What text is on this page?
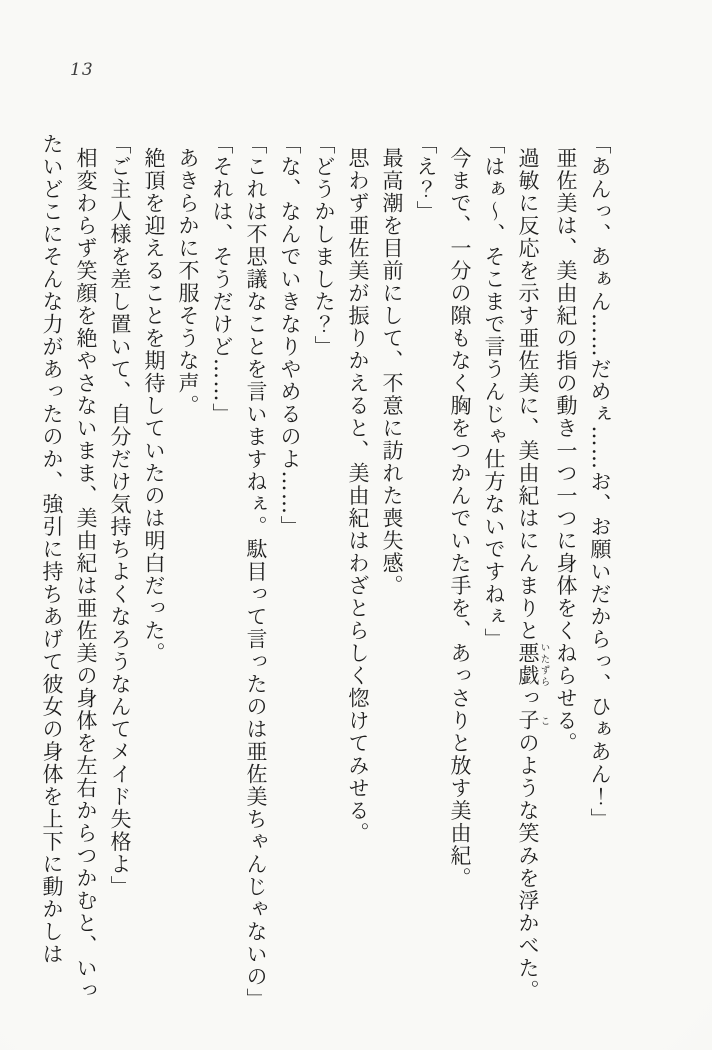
13

「あんっ、あぁん……だめぇ……お、お願いだからっ、ひぁあん！」

亜佐美は、美由紀の指の動き一つ一つに身体をくねらせる。

過敏に反応を示す亜佐美に、美由紀はにんまりと悪戯いたずらっ子このような笑みを浮かべた。

「はぁ～、そこまで言うんじゃ仕方ないですねぇ」

今まで、一分の隙もなく胸をつかんでいた手を、あっさりと放す美由紀。

「え？」

最高潮を目前にして、不意に訪れた喪失感。

思わず亜佐美が振りかえると、美由紀はわざとらしく惚けてみせる。

「どうかしました？」

「な、なんでいきなりやめるのよ……」

「これは不思議なことを言いますねぇ。駄目って言ったのは亜佐美ちゃんじゃないの」

「それは、そうだけど……」

あきらかに不服そうな声。

絶頂を迎えることを期待していたのは明白だった。

「ご主人様を差し置いて、自分だけ気持ちよくなろうなんてメイド失格よ」

相変わらず笑顔を絶やさないまま、美由紀は亜佐美の身体を左右からつかむと、いったいどこにそんな力があったのか、強引に持ちあげて彼女の身体を上下に動かしは
